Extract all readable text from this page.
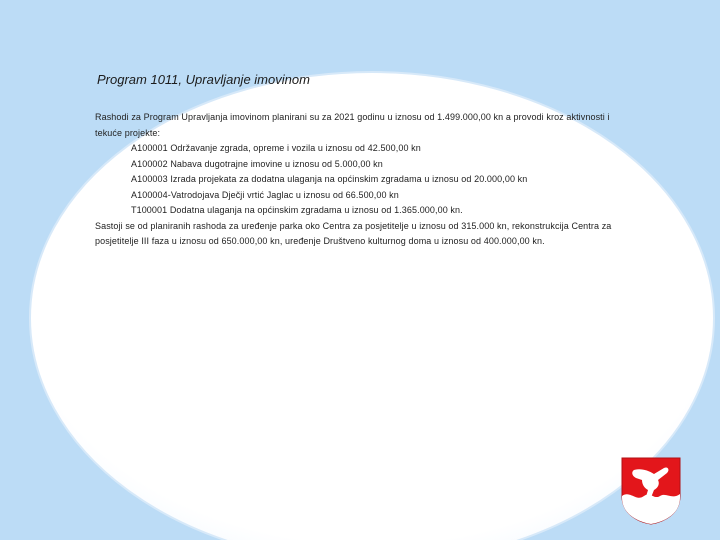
Program 1011, Upravljanje imovinom

Rashodi za Program Upravljanja imovinom planirani su za 2021 godinu u iznosu od 1.499.000,00 kn a provodi kroz aktivnosti i tekuće projekte:

A100001 Održavanje zgrada, opreme i vozila u iznosu od 42.500,00 kn
A100002 Nabava dugotrajne imovine u iznosu od 5.000,00 kn
A100003 Izrada projekata za dodatna ulaganja na općinskim zgradama u iznosu od 20.000,00 kn
A100004-Vatrodojava Dječji vrtić Jaglac u iznosu od 66.500,00 kn
T100001 Dodatna ulaganja na općinskim zgradama u iznosu od 1.365.000,00 kn.

Sastoji se od planiranih rashoda za uređenje parka oko Centra za posjetitelje u iznosu od 315.000 kn, rekonstrukcija Centra za posjetitelje III faza u iznosu od 650.000,00 kn, uređenje Društveno kulturnog doma u iznosu od 400.000,00 kn.
